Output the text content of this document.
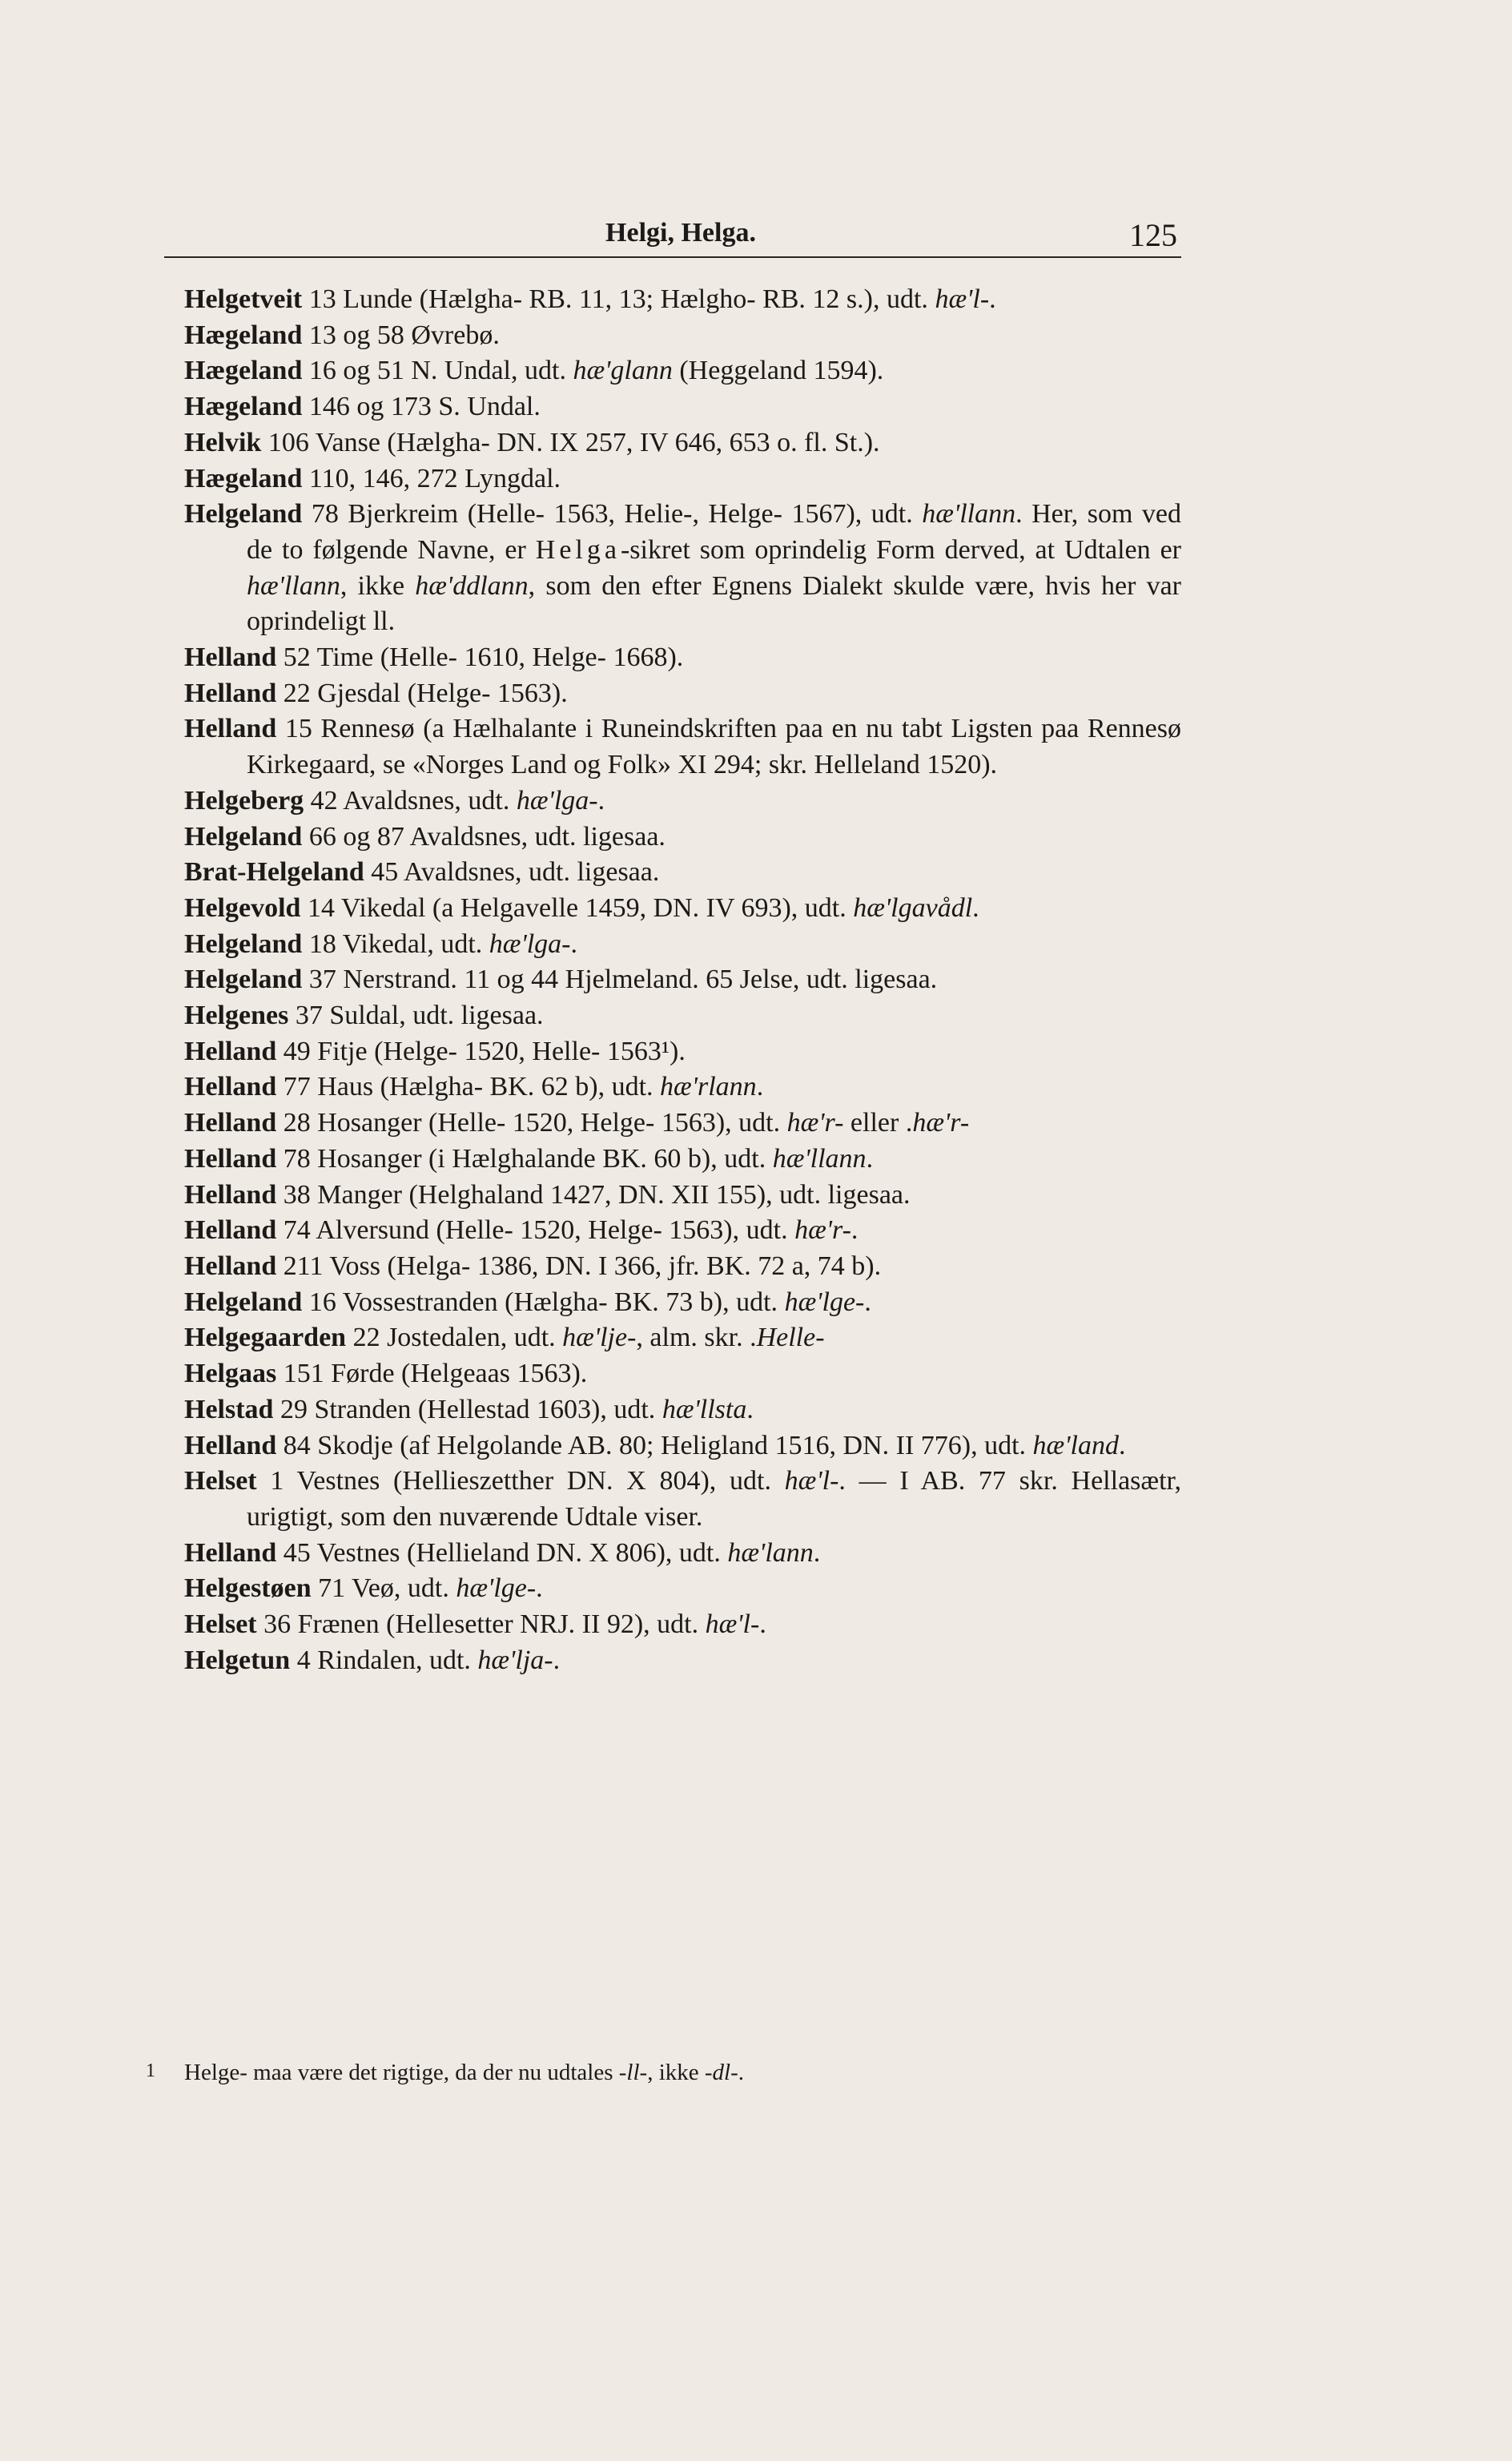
Helgi, Helga.	125
Helgetveit 13 Lunde (Hælgha- RB. 11, 13; Hælgho- RB. 12 s.), udt. hæ'l-.
Hægeland 13 og 58 Øvrebø.
Hægeland 16 og 51 N. Undal, udt. hæ'glann (Heggeland 1594).
Hægeland 146 og 173 S. Undal.
Helvik 106 Vanse (Hælgha- DN. IX 257, IV 646, 653 o. fl. St.).
Hægeland 110, 146, 272 Lyngdal.
Helgeland 78 Bjerkreim (Helle- 1563, Helie-, Helge- 1567), udt. hæ'llann. Her, som ved de to følgende Navne, er Helga-sikret som oprindelig Form derved, at Udtalen er hæ'llann, ikke hæ'ddlann, som den efter Egnens Dialekt skulde være, hvis her var oprindeligt ll.
Helland 52 Time (Helle- 1610, Helge- 1668).
Helland 22 Gjesdal (Helge- 1563).
Helland 15 Rennesø (a Hælhalante i Runeindskriften paa en nu tabt Ligsten paa Rennesø Kirkegaard, se «Norges Land og Folk» XI 294; skr. Helleland 1520).
Helgeberg 42 Avaldsnes, udt. hæ'lga-.
Helgeland 66 og 87 Avaldsnes, udt. ligesaa.
Brat-Helgeland 45 Avaldsnes, udt. ligesaa.
Helgevold 14 Vikedal (a Helgavelle 1459, DN. IV 693), udt. hæ'lgavådl.
Helgeland 18 Vikedal, udt. hæ'lga-.
Helgeland 37 Nerstrand. 11 og 44 Hjelmeland. 65 Jelse, udt. ligesaa.
Helgenes 37 Suldal, udt. ligesaa.
Helland 49 Fitje (Helge- 1520, Helle- 1563¹).
Helland 77 Haus (Hælgha- BK. 62 b), udt. hæ'rlann.
Helland 28 Hosanger (Helle- 1520, Helge- 1563), udt. hæ'r- eller .hæ'r-
Helland 78 Hosanger (i Hælghalande BK. 60 b), udt. hæ'llann.
Helland 38 Manger (Helghaland 1427, DN. XII 155), udt. ligesaa.
Helland 74 Alversund (Helle- 1520, Helge- 1563), udt. hæ'r-.
Helland 211 Voss (Helga- 1386, DN. I 366, jfr. BK. 72 a, 74 b).
Helgeland 16 Vossestranden (Hælgha- BK. 73 b), udt. hæ'lge-.
Helgegaarden 22 Jostedalen, udt. hæ'lje-, alm. skr. .Helle-
Helgaas 151 Førde (Helgeaas 1563).
Helstad 29 Stranden (Hellestad 1603), udt. hæ'llsta.
Helland 84 Skodje (af Helgolande AB. 80; Heligland 1516, DN. II 776), udt. hæ'land.
Helset 1 Vestnes (Hellieszetther DN. X 804), udt. hæ'l-. — I AB. 77 skr. Hellasætr, urigtigt, som den nuværende Udtale viser.
Helland 45 Vestnes (Hellieland DN. X 806), udt. hæ'lann.
Helgestøen 71 Veø, udt. hæ'lge-.
Helset 36 Frænen (Hellesetter NRJ. II 92), udt. hæ'l-.
Helgetun 4 Rindalen, udt. hæ'lja-.
1 Helge- maa være det rigtige, da der nu udtales -ll-, ikke -dl-.
